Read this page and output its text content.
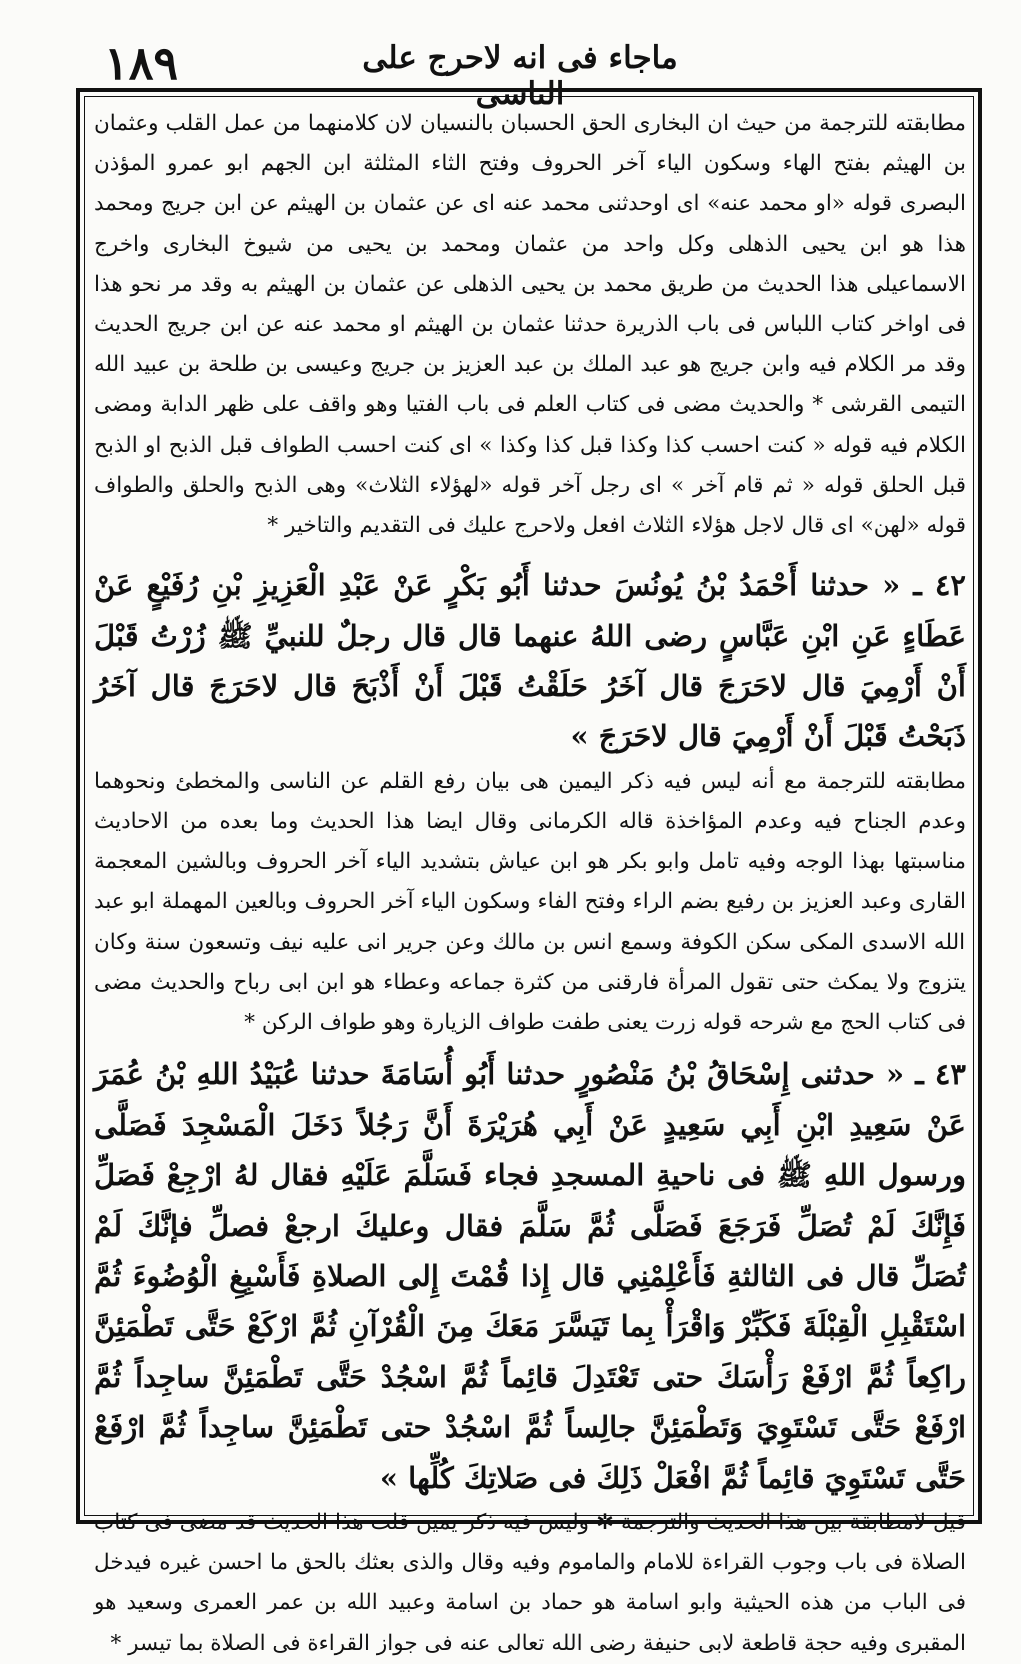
١٨٩	ماجاء فى انه لاحرج على الناسى

مطابقته للترجمة من حيث ان البخارى الحق الحسبان بالنسيان لان كلامنهما من عمل القلب وعثمان بن الهيثم بفتح الهاء وسكون الياء آخر الحروف وفتح الثاء المثلثة ابن الجهم ابو عمرو المؤذن البصرى قوله «او محمد عنه» اى اوحدثنى محمد عنه اى عن عثمان بن الهيثم عن ابن جريج ومحمد هذا هو ابن يحيى الذهلى وكل واحد من عثمان ومحمد بن يحيى من شيوخ البخارى واخرج الاسماعيلى هذا الحديث من طريق محمد بن يحيى الذهلى عن عثمان بن الهيثم به وقد مر نحو هذا فى اواخر كتاب اللباس فى باب الذريرة حدثنا عثمان بن الهيثم او محمد عنه عن ابن جريج الحديث وقد مر الكلام فيه وابن جريج هو عبد الملك بن عبد العزيز بن جريج وعيسى بن طلحة بن عبيد الله التيمى القرشى * والحديث مضى فى كتاب العلم فى باب الفتيا وهو واقف على ظهر الدابة ومضى الكلام فيه قوله « كنت احسب كذا وكذا قبل كذا وكذا » اى كنت احسب الطواف قبل الذبح او الذبح قبل الحلق قوله « ثم قام آخر » اى رجل آخر قوله «لهؤلاء الثلاث» وهى الذبح والحلق والطواف قوله «لهن» اى قال لاجل هؤلاء الثلاث افعل ولاحرج عليك فى التقديم والتاخير *

٤٢ ـ « حدثنا أَحْمَدُ بْنُ يُونُسَ حدثنا أَبُو بَكْرٍ عَنْ عَبْدِ الْعَزِيزِ بْنِ رُفَيْعٍ عَنْ عَطَاءٍ عَنِ ابْنِ عَبَّاسٍ رضى اللهُ عنهما قال قال رجلٌ للنبيِّ ﷺ زُرْتُ قَبْلَ أَنْ أَرْمِيَ قال لاحَرَجَ قال آخَرُ حَلَقْتُ قَبْلَ أَنْ أَذْبَحَ قال لاحَرَجَ قال آخَرُ ذَبَحْتُ قَبْلَ أَنْ أَرْمِيَ قال لاحَرَجَ »

مطابقته للترجمة مع أنه ليس فيه ذكر اليمين هى بيان رفع القلم عن الناسى والمخطئ ونحوهما وعدم الجناح فيه وعدم المؤاخذة قاله الكرمانى وقال ايضا هذا الحديث وما بعده من الاحاديث مناسبتها بهذا الوجه وفيه تامل وابو بكر هو ابن عياش بتشديد الياء آخر الحروف وبالشين المعجمة القارى وعبد العزيز بن رفيع بضم الراء وفتح الفاء وسكون الياء آخر الحروف وبالعين المهملة ابو عبد الله الاسدى المكى سكن الكوفة وسمع انس بن مالك وعن جرير انى عليه نيف وتسعون سنة وكان يتزوج ولا يمكث حتى تقول المرأة فارقنى من كثرة جماعه وعطاء هو ابن ابى رباح والحديث مضى فى كتاب الحج مع شرحه قوله زرت يعنى طفت طواف الزيارة وهو طواف الركن *

٤٣ ـ « حدثنى إِسْحَاقُ بْنُ مَنْصُورٍ حدثنا أَبُو أُسَامَةَ حدثنا عُبَيْدُ اللهِ بْنُ عُمَرَ عَنْ سَعِيدِ ابْنِ أَبِي سَعِيدٍ عَنْ أَبِي هُرَيْرَةَ أَنَّ رَجُلاً دَخَلَ الْمَسْجِدَ فَصَلَّى ورسول اللهِ ﷺ فى ناحيةِ المسجدِ فجاء فَسَلَّمَ عَلَيْهِ فقال لهُ ارْجِعْ فَصَلِّ فَإِنَّكَ لَمْ تُصَلِّ فَرَجَعَ فَصَلَّى ثُمَّ سَلَّمَ فقال وعليكَ ارجعْ فصلِّ فإنَّكَ لَمْ تُصَلِّ قال فى الثالثةِ فَأَعْلِمْنِي قال إِذا قُمْتَ إِلى الصلاةِ فَأَسْبِغِ الْوُضُوءَ ثُمَّ اسْتَقْبِلِ الْقِبْلَةَ فَكَبِّرْ وَاقْرَأْ بِما تَيَسَّرَ مَعَكَ مِنَ الْقُرْآنِ ثُمَّ ارْكَعْ حَتَّى تَطْمَئِنَّ راكِعاً ثُمَّ ارْفَعْ رَأْسَكَ حتى تَعْتَدِلَ قائِماً ثُمَّ اسْجُدْ حَتَّى تَطْمَئِنَّ ساجِداً ثُمَّ ارْفَعْ حَتَّى تَسْتَوِيَ وَتَطْمَئِنَّ جالِساً ثُمَّ اسْجُدْ حتى تَطْمَئِنَّ ساجِداً ثُمَّ ارْفَعْ حَتَّى تَسْتَوِيَ قائِماً ثُمَّ افْعَلْ ذَلِكَ فى صَلاتِكَ كُلِّها »

قيل لامطابقة بين هذا الحديث والترجمة ✲ وليس فيه ذكر يمين قلت هذا الحديث قد مضى فى كتاب الصلاة فى باب وجوب القراءة للامام والماموم وفيه وقال والذى بعثك بالحق ما احسن غيره فيدخل فى الباب من هذه الحيثية وابو اسامة هو حماد بن اسامة وعبيد الله بن عمر العمرى وسعيد هو المقبرى وفيه حجة قاطعة لابى حنيفة رضى الله تعالى عنه فى جواز القراءة فى الصلاة بما تيسر *
